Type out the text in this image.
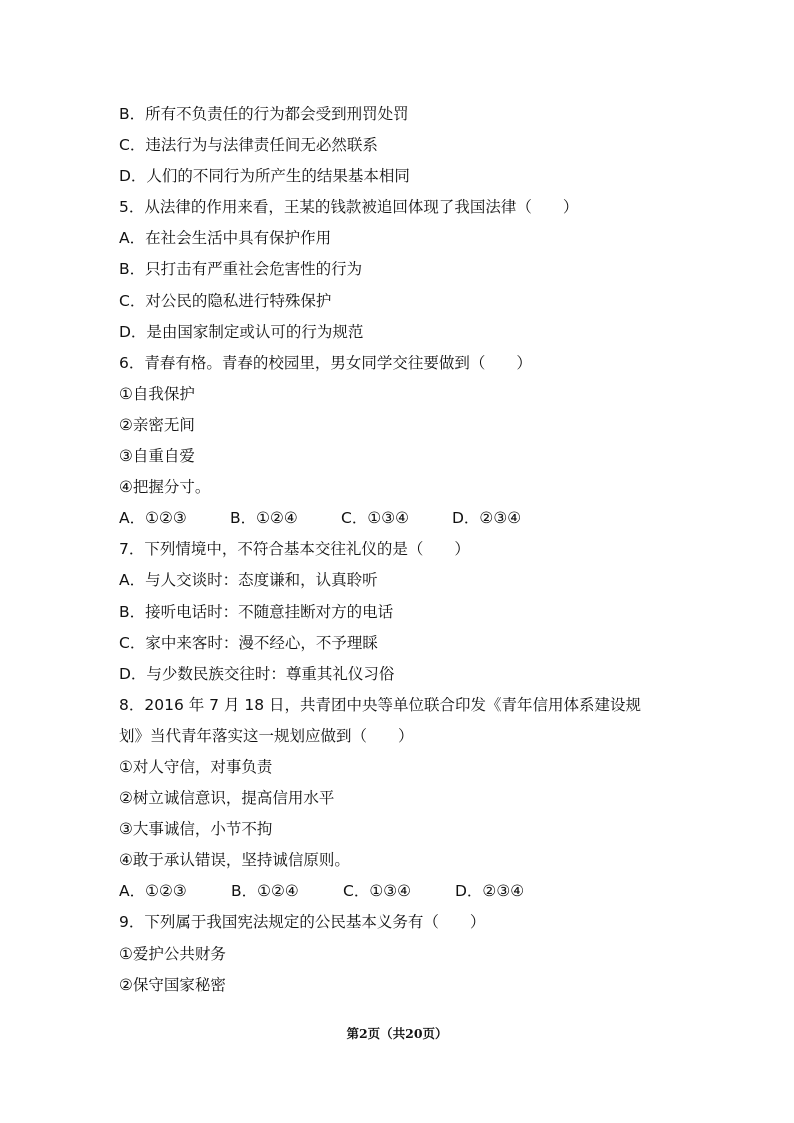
B．所有不负责任的行为都会受到刑罚处罚
C．违法行为与法律责任间无必然联系
D．人们的不同行为所产生的结果基本相同
5．从法律的作用来看，王某的钱款被追回体现了我国法律（　　）
A．在社会生活中具有保护作用
B．只打击有严重社会危害性的行为
C．对公民的隐私进行特殊保护
D．是由国家制定或认可的行为规范
6．青春有格。青春的校园里，男女同学交往要做到（　　）
①自我保护
②亲密无间
③自重自爱
④把握分寸。
A．①②③	B．①②④	C．①③④	D．②③④
7．下列情境中，不符合基本交往礼仪的是（　　）
A．与人交谈时：态度谦和，认真聆听
B．接听电话时：不随意挂断对方的电话
C．家中来客时：漫不经心，不予理睬
D．与少数民族交往时：尊重其礼仪习俗
8．2016 年 7 月 18 日，共青团中央等单位联合印发《青年信用体系建设规
划》当代青年落实这一规划应做到（　　）
①对人守信，对事负责
②树立诚信意识，提高信用水平
③大事诚信，小节不拘
④敢于承认错误，坚持诚信原则。
A．①②③	B．①②④	C．①③④	D．②③④
9．下列属于我国宪法规定的公民基本义务有（　　）
①爱护公共财务
②保守国家秘密
第2页（共20页）
